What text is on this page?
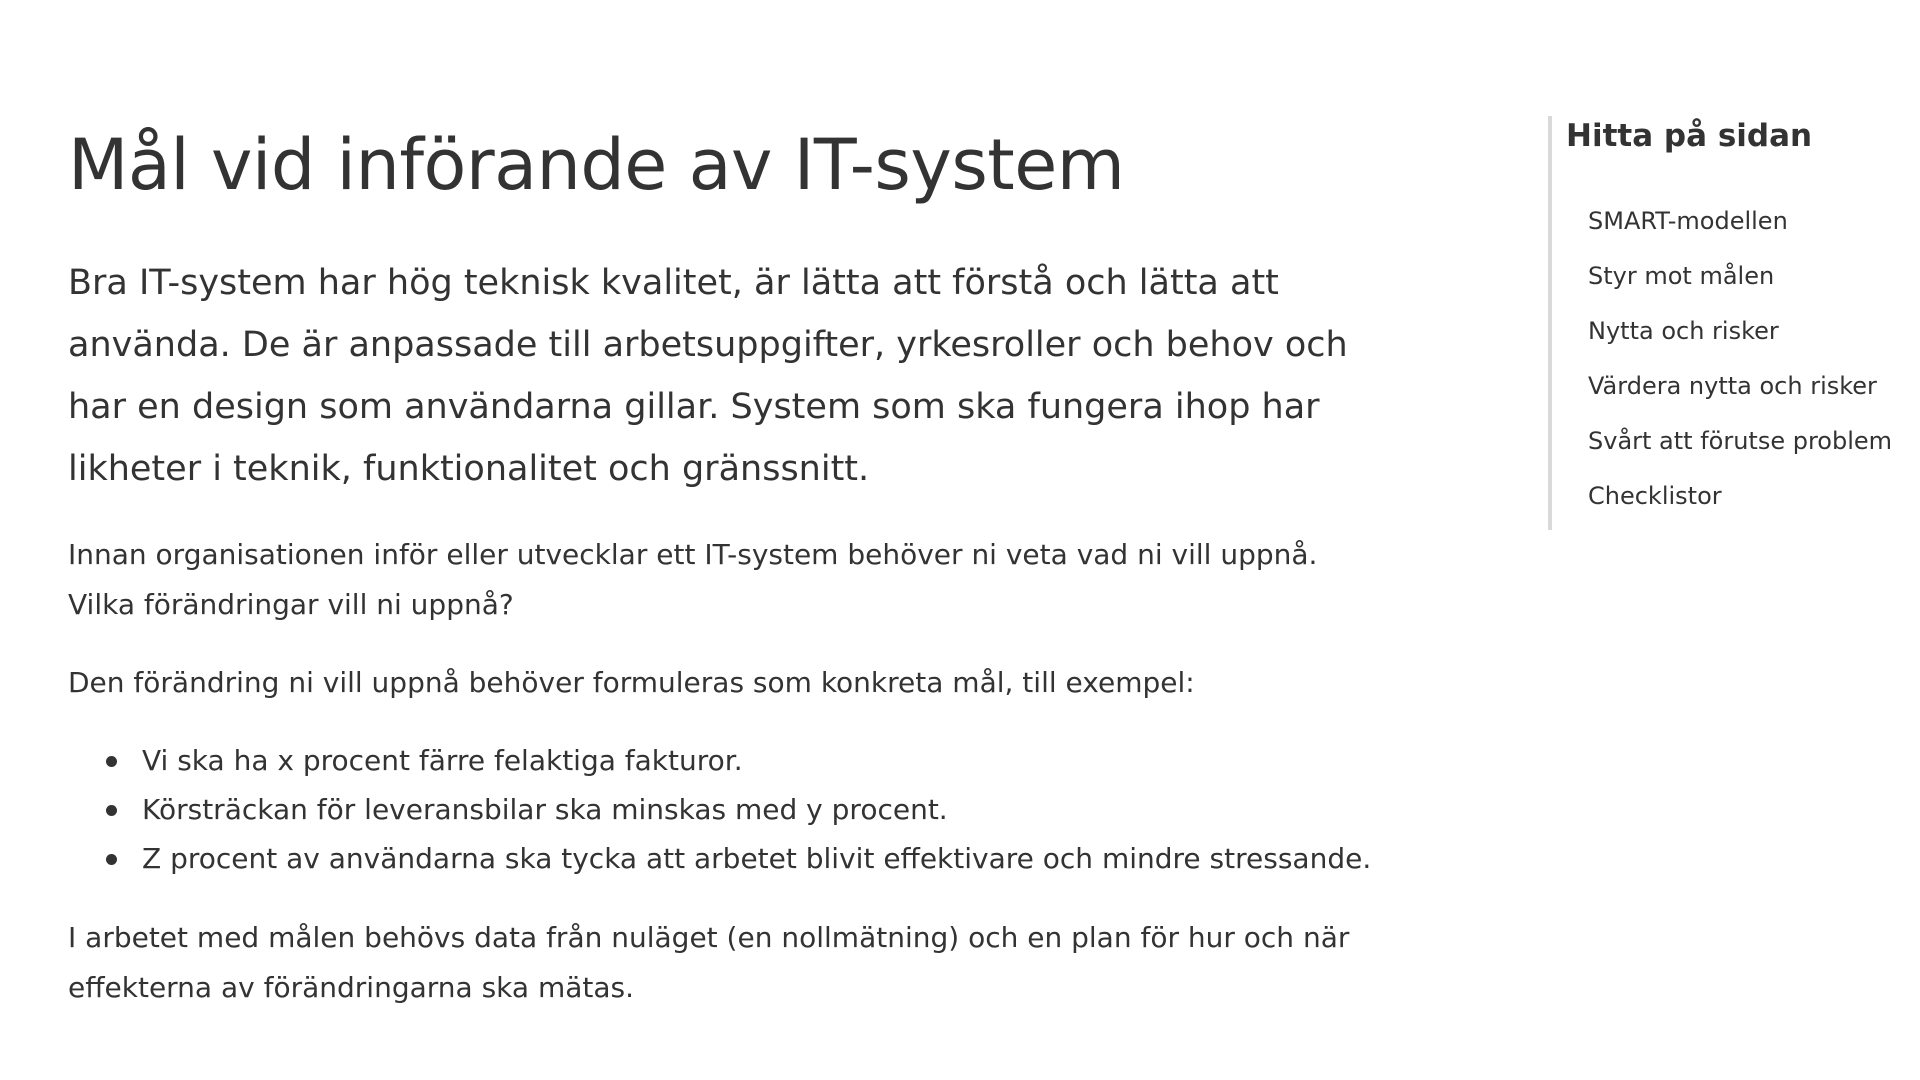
Mål vid införande av IT-system

Bra IT-system har hög teknisk kvalitet, är lätta att förstå och lätta att använda. De är anpassade till arbetsuppgifter, yrkesroller och behov och har en design som användarna gillar. System som ska fungera ihop har likheter i teknik, funktionalitet och gränssnitt.

Innan organisationen inför eller utvecklar ett IT-system behöver ni veta vad ni vill uppnå. Vilka förändringar vill ni uppnå?

Den förändring ni vill uppnå behöver formuleras som konkreta mål, till exempel:

Vi ska ha x procent färre felaktiga fakturor.
Körsträckan för leveransbilar ska minskas med y procent.
Z procent av användarna ska tycka att arbetet blivit effektivare och mindre stressande.

I arbetet med målen behövs data från nuläget (en nollmätning) och en plan för hur och när effekterna av förändringarna ska mätas.

Hitta på sidan
SMART-modellen
Styr mot målen
Nytta och risker
Värdera nytta och risker
Svårt att förutse problem
Checklistor
